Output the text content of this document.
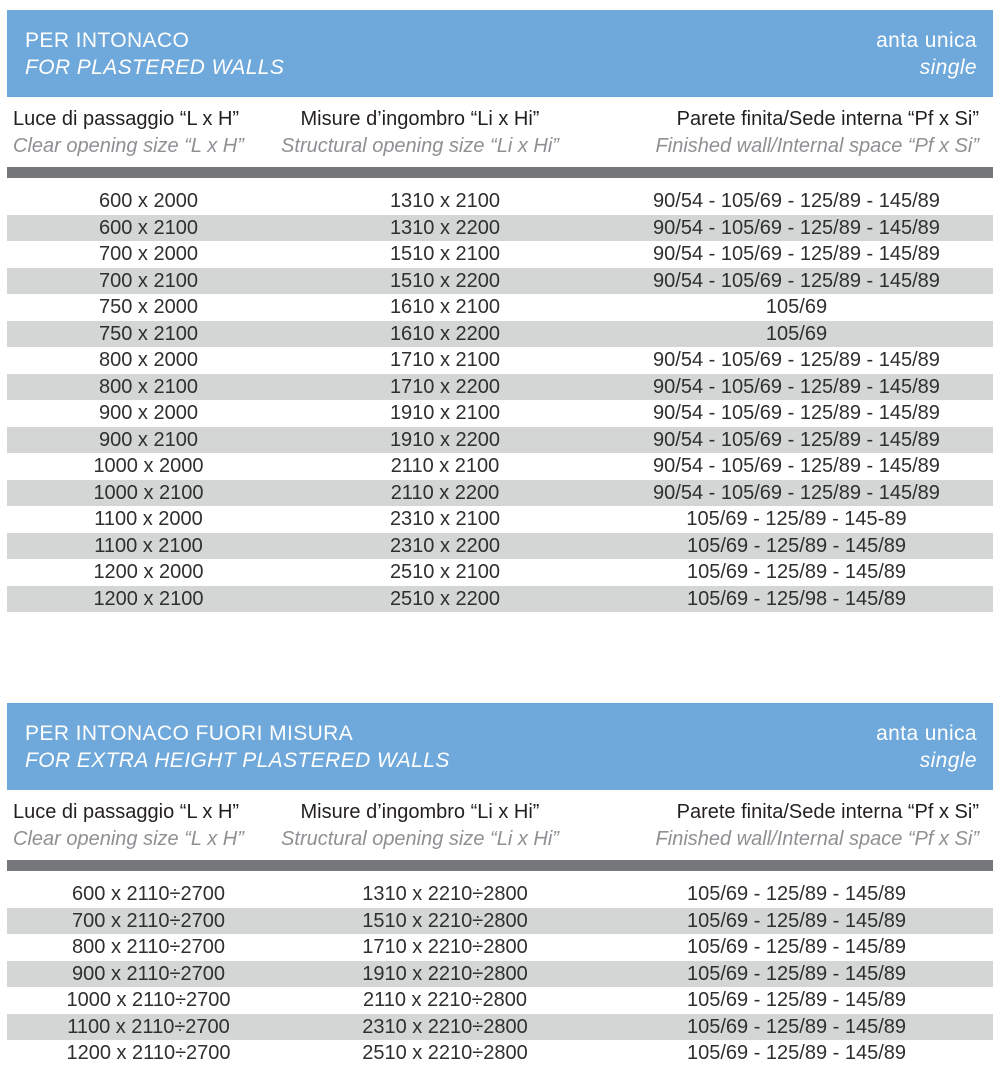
PER INTONACO
FOR PLASTERED WALLS
anta unica
single
Luce di passaggio “L x H”
Clear opening size “L x H”
Misure d’ingombro “Li x Hi”
Structural opening size “Li x Hi”
Parete finita/Sede interna “Pf x Si”
Finished wall/Internal space “Pf x Si”
600 x 2000	1310 x 2100	90/54 - 105/69 - 125/89 - 145/89
600 x 2100	1310 x 2200	90/54 - 105/69 - 125/89 - 145/89
700 x 2000	1510 x 2100	90/54 - 105/69 - 125/89 - 145/89
700 x 2100	1510 x 2200	90/54 - 105/69 - 125/89 - 145/89
750 x 2000	1610 x 2100	105/69
750 x 2100	1610 x 2200	105/69
800 x 2000	1710 x 2100	90/54 - 105/69 - 125/89 - 145/89
800 x 2100	1710 x 2200	90/54 - 105/69 - 125/89 - 145/89
900 x 2000	1910 x 2100	90/54 - 105/69 - 125/89 - 145/89
900 x 2100	1910 x 2200	90/54 - 105/69 - 125/89 - 145/89
1000 x 2000	2110 x 2100	90/54 - 105/69 - 125/89 - 145/89
1000 x 2100	2110 x 2200	90/54 - 105/69 - 125/89 - 145/89
1100 x 2000	2310 x 2100	105/69 - 125/89 - 145-89
1100 x 2100	2310 x 2200	105/69 - 125/89 - 145/89
1200 x 2000	2510 x 2100	105/69 - 125/89 - 145/89
1200 x 2100	2510 x 2200	105/69 - 125/98 - 145/89
PER INTONACO FUORI MISURA
FOR EXTRA HEIGHT PLASTERED WALLS
anta unica
single
Luce di passaggio “L x H”
Clear opening size “L x H”
Misure d’ingombro “Li x Hi”
Structural opening size “Li x Hi”
Parete finita/Sede interna “Pf x Si”
Finished wall/Internal space “Pf x Si”
600 x 2110÷2700	1310 x 2210÷2800	105/69 - 125/89 - 145/89
700 x 2110÷2700	1510 x 2210÷2800	105/69 - 125/89 - 145/89
800 x 2110÷2700	1710 x 2210÷2800	105/69 - 125/89 - 145/89
900 x 2110÷2700	1910 x 2210÷2800	105/69 - 125/89 - 145/89
1000 x 2110÷2700	2110 x 2210÷2800	105/69 - 125/89 - 145/89
1100 x 2110÷2700	2310 x 2210÷2800	105/69 - 125/89 - 145/89
1200 x 2110÷2700	2510 x 2210÷2800	105/69 - 125/89 - 145/89
